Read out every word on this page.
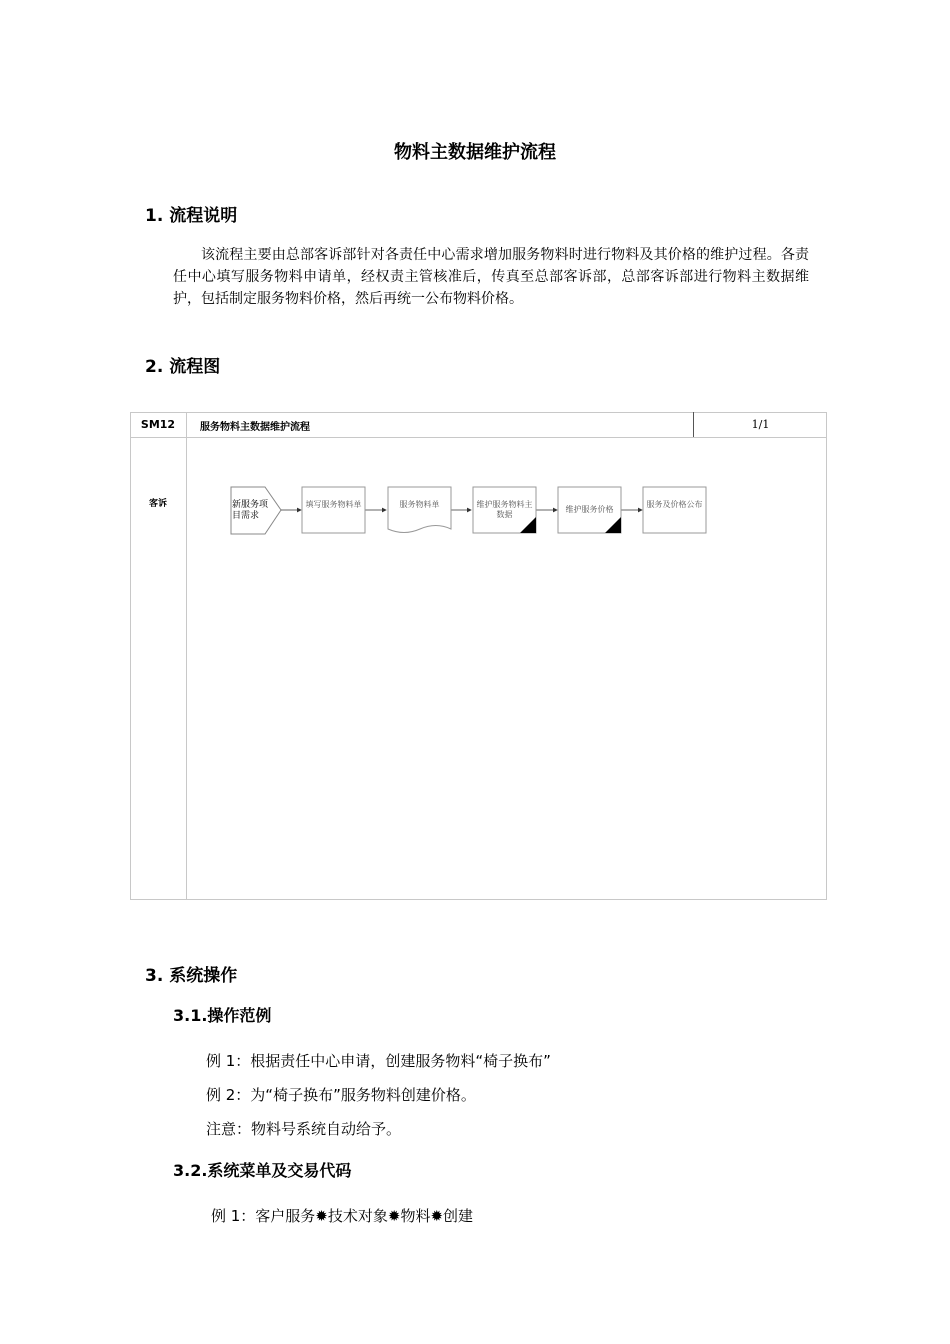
物料主数据维护流程
1. 流程说明
该流程主要由总部客诉部针对各责任中心需求增加服务物料时进行物料及其价格的维护过程。各责任中心填写服务物料申请单，经权责主管核准后，传真至总部客诉部，总部客诉部进行物料主数据维护，包括制定服务物料价格，然后再统一公布物料价格。
2. 流程图
SM12	服务物料主数据维护流程	1/1
客诉	新服务项目需求
填写服务物料单	服务物料单	维护服务物料主数据
维护服务价格
服务及价格公布
3. 系统操作
3.1.操作范例
例 1：根据责任中心申请，创建服务物料“椅子换布”
例 2：为“椅子换布”服务物料创建价格。
注意：物料号系统自动给予。
3.2.系统菜单及交易代码
例 1：客户服务✹技术对象✹物料✹创建
